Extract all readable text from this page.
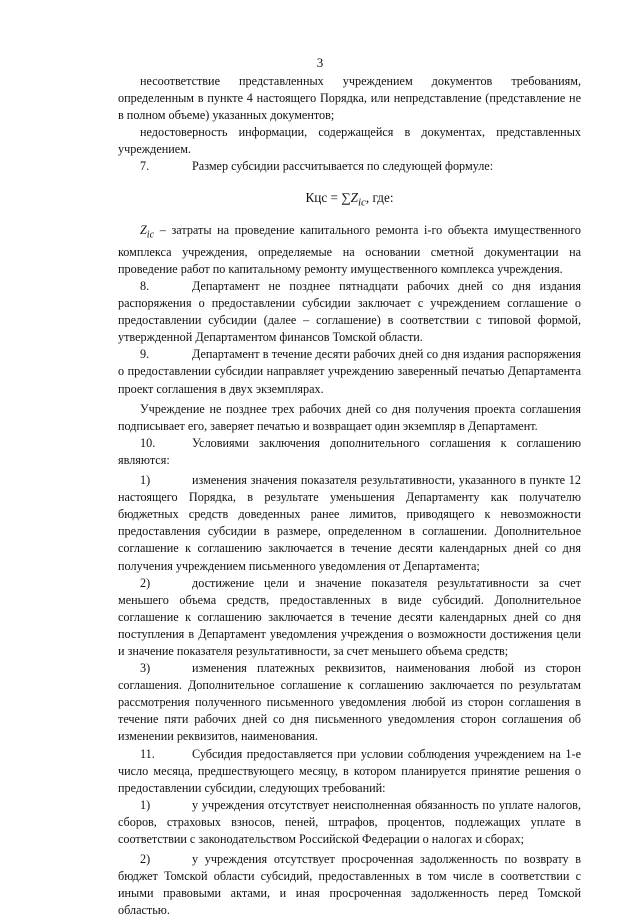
3

несоответствие представленных учреждением документов требованиям, определенным в пункте 4 настоящего Порядка, или непредставление (представление не в полном объеме) указанных документов;

недостоверность информации, содержащейся в документах, представленных учреждением.

7.	Размер субсидии рассчитывается по следующей формуле:

Кцс = $\sum Z_{ic}$, где:

$Z_{ic}$ – затраты на проведение капитального ремонта i-го объекта имущественного комплекса учреждения, определяемые на основании сметной документации на проведение работ по капитальному ремонту имущественного комплекса учреждения.

8.	Департамент не позднее пятнадцати рабочих дней со дня издания распоряжения о предоставлении субсидии заключает с учреждением соглашение о предоставлении субсидии (далее – соглашение) в соответствии с типовой формой, утвержденной Департаментом финансов Томской области.

9.	Департамент в течение десяти рабочих дней со дня издания распоряжения о предоставлении субсидии направляет учреждению заверенный печатью Департамента проект соглашения в двух экземплярах.

Учреждение не позднее трех рабочих дней со дня получения проекта соглашения подписывает его, заверяет печатью и возвращает один экземпляр в Департамент.

10.	Условиями заключения дополнительного соглашения к соглашению являются:

1)	изменения значения показателя результативности, указанного в пункте 12 настоящего Порядка, в результате уменьшения Департаменту как получателю бюджетных средств доведенных ранее лимитов, приводящего к невозможности предоставления субсидии в размере, определенном в соглашении. Дополнительное соглашение к соглашению заключается в течение десяти календарных дней со дня получения учреждением письменного уведомления от Департамента;

2)	достижение цели и значение показателя результативности за счет меньшего объема средств, предоставленных в виде субсидий. Дополнительное соглашение к соглашению заключается в течение десяти календарных дней со дня поступления в Департамент уведомления учреждения о возможности достижения цели и значение показателя результативности, за счет меньшего объема средств;

3)	изменения платежных реквизитов, наименования любой из сторон соглашения. Дополнительное соглашение к соглашению заключается по результатам рассмотрения полученного письменного уведомления любой из сторон соглашения в течение пяти рабочих дней со дня письменного уведомления сторон соглашения об изменении реквизитов, наименования.

11.	Субсидия предоставляется при условии соблюдения учреждением на 1-е число месяца, предшествующего месяцу, в котором планируется принятие решения о предоставлении субсидии, следующих требований:

1)	у учреждения отсутствует неисполненная обязанность по уплате налогов, сборов, страховых взносов, пеней, штрафов, процентов, подлежащих уплате в соответствии с законодательством Российской Федерации о налогах и сборах;

2)	у учреждения отсутствует просроченная задолженность по возврату в бюджет Томской области субсидий, предоставленных в том числе в соответствии с иными правовыми актами, и иная просроченная задолженность перед Томской областью.
